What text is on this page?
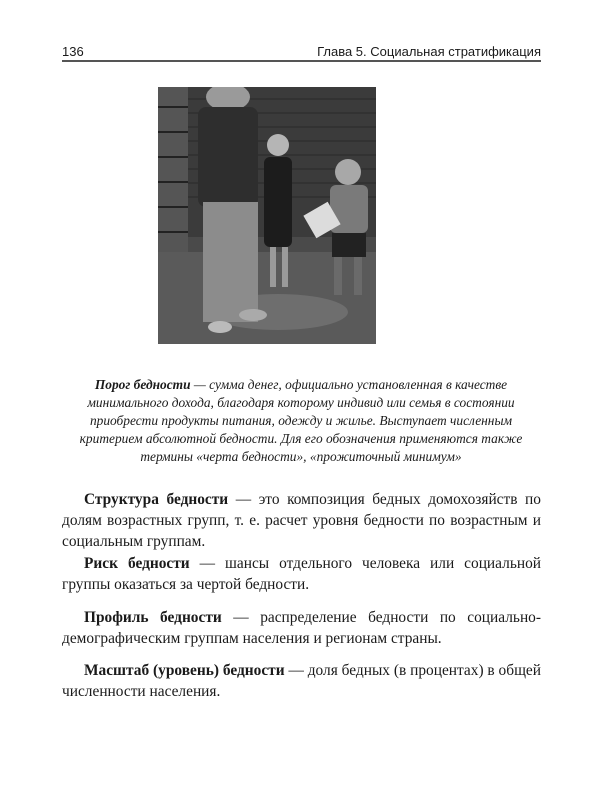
136	Глава 5. Социальная стратификация
Порог бедности — сумма денег, официально установленная в качестве минимального дохода, благодаря которому индивид или семья в состоянии приобрести продукты питания, одежду и жилье. Выступает численным критерием абсолютной бедности. Для его обозначения применяются также термины «черта бедности», «прожиточный минимум»

Структура бедности — это композиция бедных домохозяйств по долям возрастных групп, т. е. расчет уровня бедности по возрастным и социальным группам.

Риск бедности — шансы отдельного человека или социальной группы оказаться за чертой бедности.

Профиль бедности — распределение бедности по социально-демографическим группам населения и регионам страны.

Масштаб (уровень) бедности — доля бедных (в процентах) в общей численности населения.
